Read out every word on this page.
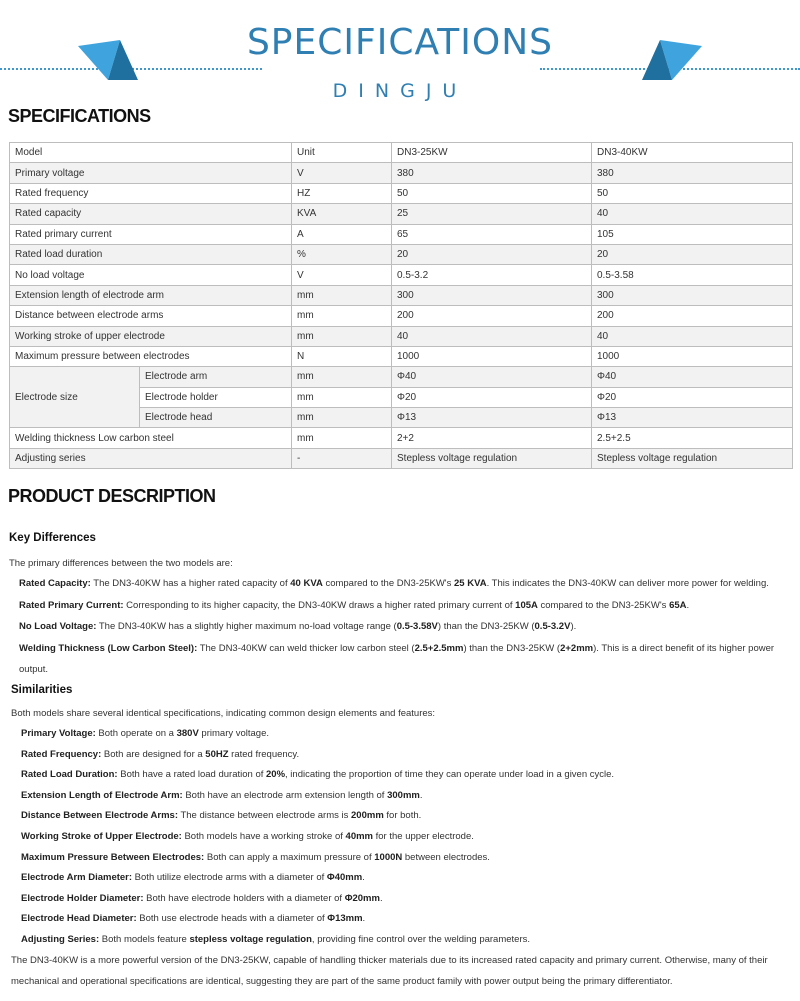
SPECIFICATIONS
DINGJU
SPECIFICATIONS
Model		Unit	DN3-25KW	DN3-40KW
Primary voltage		V	380	380
Rated frequency		HZ	50	50
Rated capacity		KVA	25	40
Rated primary current		A	65	105
Rated load duration		%	20	20
No load voltage		V	0.5-3.2	0.5-3.58
Extension length of electrode arm		mm	300	300
Distance between electrode arms		mm	200	200
Working stroke of upper electrode		mm	40	40
Maximum pressure between electrodes		N	1000	1000
Electrode size	Electrode arm	mm	Φ40	Φ40
	Electrode holder	mm	Φ20	Φ20
	Electrode head	mm	Φ13	Φ13
Welding thickness Low carbon steel		mm	2+2	2.5+2.5
Adjusting series		-	Stepless voltage regulation	Stepless voltage regulation
PRODUCT DESCRIPTION
Key Differences
The primary differences between the two models are:
Rated Capacity: The DN3-40KW has a higher rated capacity of 40 KVA compared to the DN3-25KW's 25 KVA. This indicates the DN3-40KW can deliver more power for welding.
Rated Primary Current: Corresponding to its higher capacity, the DN3-40KW draws a higher rated primary current of 105A compared to the DN3-25KW's 65A.
No Load Voltage: The DN3-40KW has a slightly higher maximum no-load voltage range (0.5-3.58V) than the DN3-25KW (0.5-3.2V).
Welding Thickness (Low Carbon Steel): The DN3-40KW can weld thicker low carbon steel (2.5+2.5mm) than the DN3-25KW (2+2mm). This is a direct benefit of its higher power
output.
Similarities
Both models share several identical specifications, indicating common design elements and features:
Primary Voltage: Both operate on a 380V primary voltage.
Rated Frequency: Both are designed for a 50HZ rated frequency.
Rated Load Duration: Both have a rated load duration of 20%, indicating the proportion of time they can operate under load in a given cycle.
Extension Length of Electrode Arm: Both have an electrode arm extension length of 300mm.
Distance Between Electrode Arms: The distance between electrode arms is 200mm for both.
Working Stroke of Upper Electrode: Both models have a working stroke of 40mm for the upper electrode.
Maximum Pressure Between Electrodes: Both can apply a maximum pressure of 1000N between electrodes.
Electrode Arm Diameter: Both utilize electrode arms with a diameter of Φ40mm.
Electrode Holder Diameter: Both have electrode holders with a diameter of Φ20mm.
Electrode Head Diameter: Both use electrode heads with a diameter of Φ13mm.
Adjusting Series: Both models feature stepless voltage regulation, providing fine control over the welding parameters.
The DN3-40KW is a more powerful version of the DN3-25KW, capable of handling thicker materials due to its increased rated capacity and primary current. Otherwise, many of their
mechanical and operational specifications are identical, suggesting they are part of the same product family with power output being the primary differentiator.
